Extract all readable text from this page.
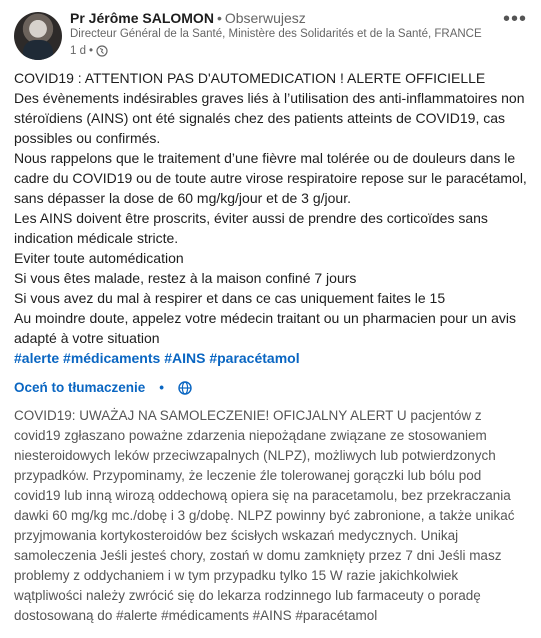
Pr Jérôme SALOMON • Obserwujesz
Directeur Général de la Santé, Ministère des Solidarités et de la Santé, FRANCE
1 d •
•••

COVID19 : ATTENTION PAS D'AUTOMEDICATION ! ALERTE OFFICIELLE

Des évènements indésirables graves liés à l’utilisation des anti-inflammatoires non stéroïdiens (AINS) ont été signalés chez des patients atteints de COVID19, cas possibles ou confirmés.

Nous rappelons que le traitement d’une fièvre mal tolérée ou de douleurs dans le cadre du COVID19 ou de toute autre virose respiratoire repose sur le paracétamol, sans dépasser la dose de 60 mg/kg/jour et de 3 g/jour.

Les AINS doivent être proscrits, éviter aussi de prendre des corticoïdes sans indication médicale stricte.

Eviter toute automédication

Si vous êtes malade, restez à la maison confiné 7 jours

Si vous avez du mal à respirer et dans ce cas uniquement faites le 15

Au moindre doute, appelez votre médecin traitant ou un pharmacien pour un avis adapté à votre situation

#alerte #médicaments #AINS #paracétamol

Oceń to tłumaczenie •
COVID19: UWAŻAJ NA SAMOLECZENIE! OFICJALNY ALERT U pacjentów z covid19 zgłaszano poważne zdarzenia niepożądane związane ze stosowaniem niesteroidowych leków przeciwzapalnych (NLPZ), możliwych lub potwierdzonych przypadków. Przypominamy, że leczenie źle tolerowanej gorączki lub bólu pod covid19 lub inną wirozą oddechową opiera się na paracetamolu, bez przekraczania dawki 60 mg/kg mc./dobę i 3 g/dobę. NLPZ powinny być zabronione, a także unikać przyjmowania kortykosteroidów bez ścisłych wskazań medycznych. Unikaj samoleczenia Jeśli jesteś chory, zostań w domu zamknięty przez 7 dni Jeśli masz problemy z oddychaniem i w tym przypadku tylko 15 W razie jakichkolwiek wątpliwości należy zwrócić się do lekarza rodzinnego lub farmaceuty o poradę dostosowaną do #alerte #médicaments #AINS #paracétamol
